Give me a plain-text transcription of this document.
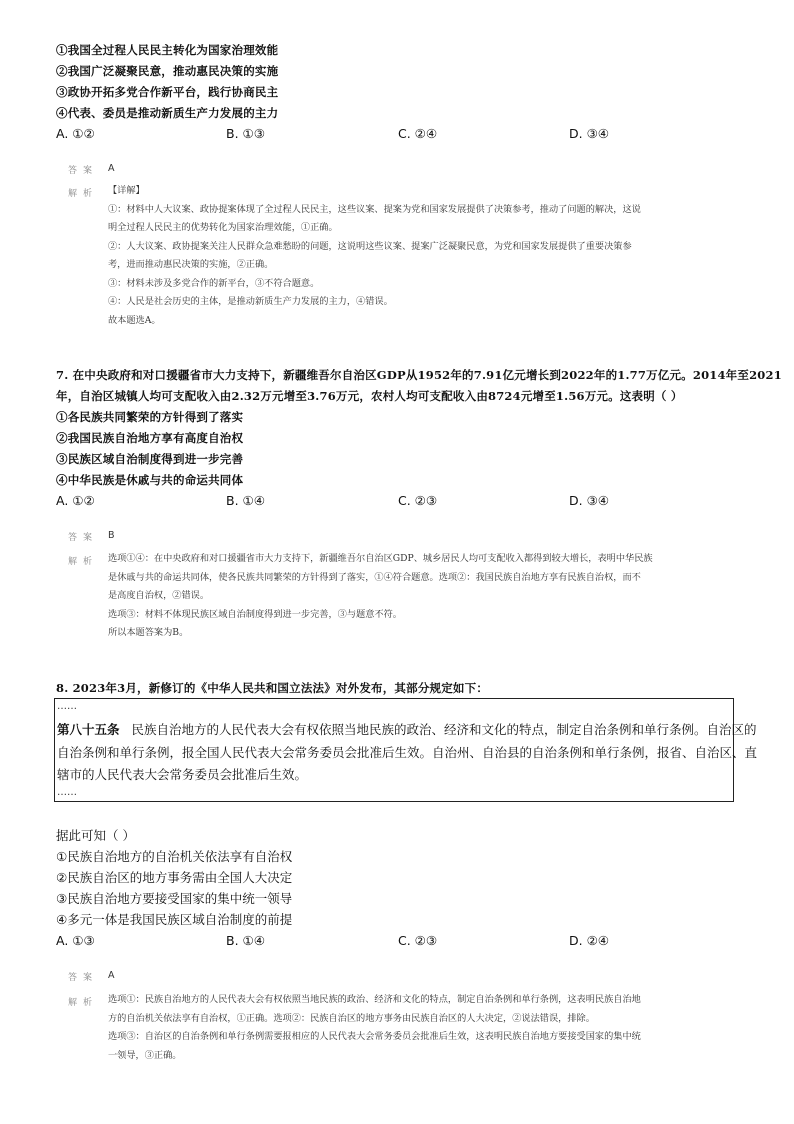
①我国全过程人民民主转化为国家治理效能
②我国广泛凝聚民意，推动惠民决策的实施
③政协开拓多党合作新平台，践行协商民主
④代表、委员是推动新质生产力发展的主力
A. ①②	B. ①③	C. ②④	D. ③④
答案 A
解析 【详解】
①：材料中人大议案、政协提案体现了全过程人民民主，这些议案、提案为党和国家发展提供了决策参考，推动了问题的解决，这说
明全过程人民民主的优势转化为国家治理效能，①正确。
②：人大议案、政协提案关注人民群众急难愁盼的问题，这说明这些议案、提案广泛凝聚民意，为党和国家发展提供了重要决策参
考，进而推动惠民决策的实施，②正确。
③：材料未涉及多党合作的新平台，③不符合题意。
④：人民是社会历史的主体，是推动新质生产力发展的主力，④错误。
故本题选A。
7. 在中央政府和对口援疆省市大力支持下，新疆维吾尔自治区GDP从1952年的7.91亿元增长到2022年的1.77万亿元。2014年至2021
年，自治区城镇人均可支配收入由2.32万元增至3.76万元，农村人均可支配收入由8724元增至1.56万元。这表明（ ）
①各民族共同繁荣的方针得到了落实
②我国民族自治地方享有高度自治权
③民族区域自治制度得到进一步完善
④中华民族是休戚与共的命运共同体
A. ①②	B. ①④	C. ②③	D. ③④
答案 B
解析 选项①④：在中央政府和对口援疆省市大力支持下，新疆维吾尔自治区GDP、城乡居民人均可支配收入都得到较大增长，表明中华民族
是休戚与共的命运共同体，使各民族共同繁荣的方针得到了落实，①④符合题意。选项②：我国民族自治地方享有民族自治权，而不
是高度自治权，②错误。
选项③：材料不体现民族区域自治制度得到进一步完善，③与题意不符。
所以本题答案为B。
8. 2023年3月，新修订的《中华人民共和国立法法》对外发布，其部分规定如下：
……
第八十五条 民族自治地方的人民代表大会有权依照当地民族的政治、经济和文化的特点，制定自治条例和单行条例。自治区的
自治条例和单行条例，报全国人民代表大会常务委员会批准后生效。自治州、自治县的自治条例和单行条例，报省、自治区、直
辖市的人民代表大会常务委员会批准后生效。
……
据此可知（ ）
①民族自治地方的自治机关依法享有自治权
②民族自治区的地方事务需由全国人大决定
③民族自治地方要接受国家的集中统一领导
④多元一体是我国民族区域自治制度的前提
A. ①③	B. ①④	C. ②③	D. ②④
答案 A
解析 选项①：民族自治地方的人民代表大会有权依照当地民族的政治、经济和文化的特点，制定自治条例和单行条例，这表明民族自治地
方的自治机关依法享有自治权，①正确。选项②：民族自治区的地方事务由民族自治区的人大决定，②说法错误，排除。
选项③：自治区的自治条例和单行条例需要报相应的人民代表大会常务委员会批准后生效，这表明民族自治地方要接受国家的集中统
一领导，③正确。
